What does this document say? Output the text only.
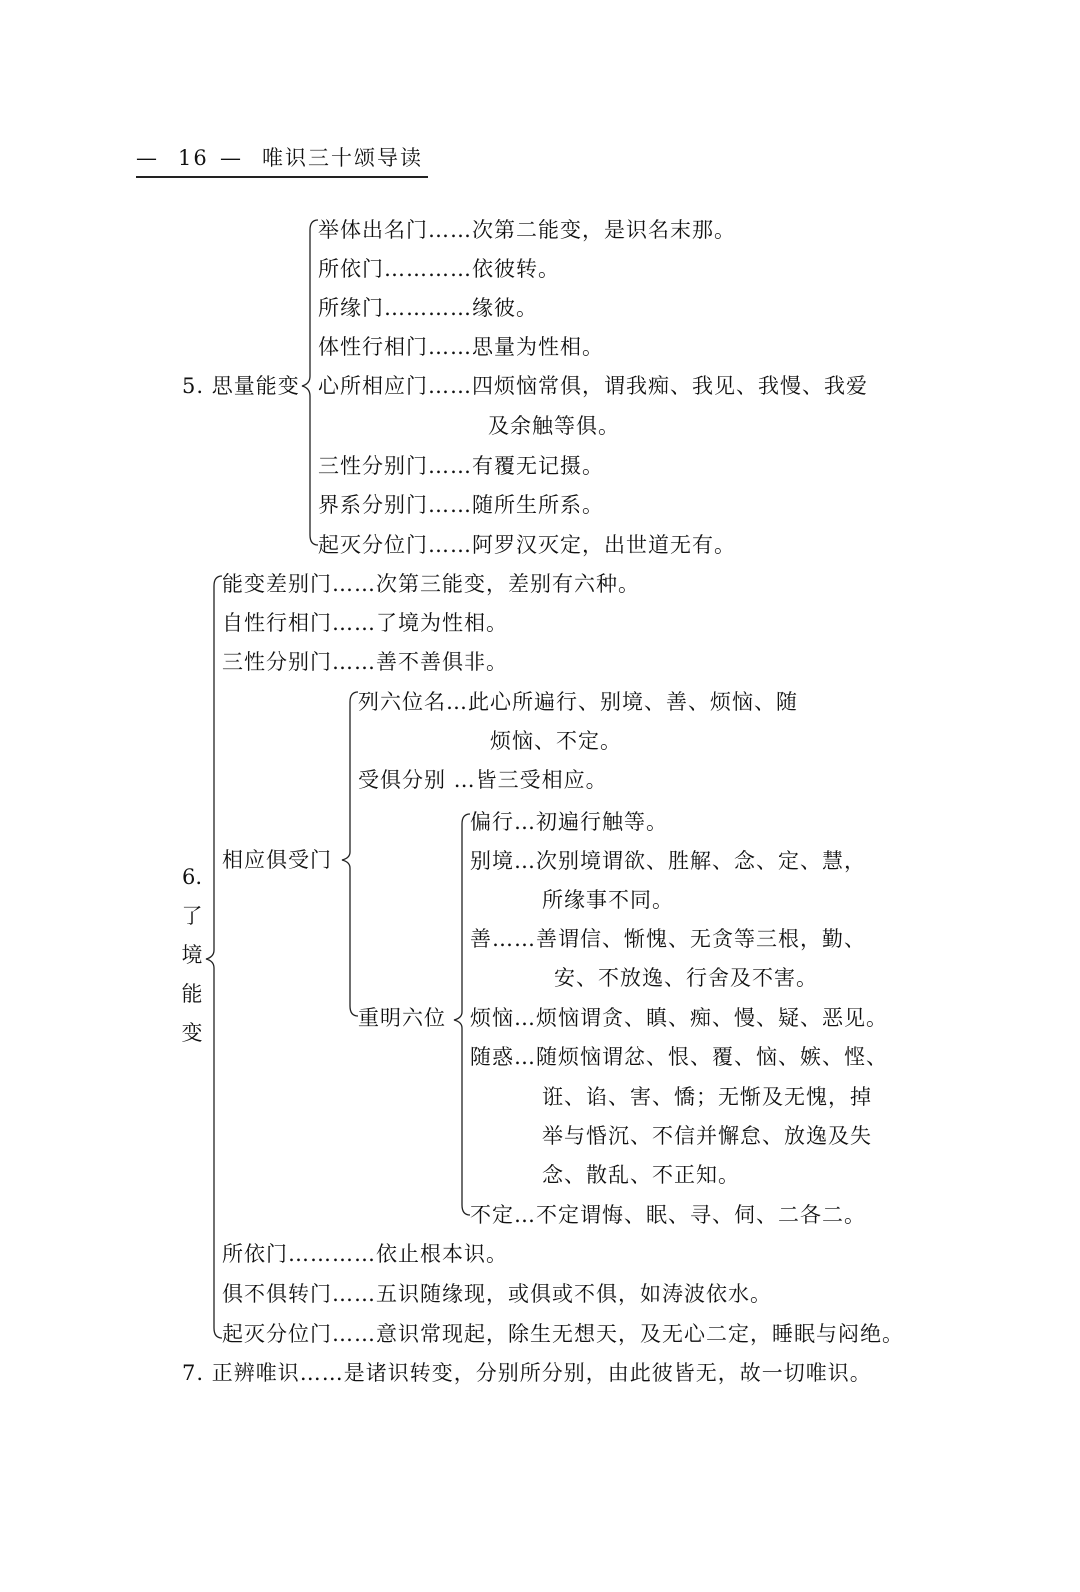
— 16 — 唯识三十颂导读
5. 思量能变
举体出名门……次第二能变，是识名末那。
所依门…………依彼转。
所缘门…………缘彼。
体性行相门……思量为性相。
心所相应门……四烦恼常俱，谓我痴、我见、我慢、我爱
及余触等俱。
三性分别门……有覆无记摄。
界系分别门……随所生所系。
起灭分位门……阿罗汉灭定，出世道无有。
6.
了
境
能
变
能变差别门……次第三能变，差别有六种。
自性行相门……了境为性相。
三性分别门……善不善俱非。
相应俱受门
列六位名…此心所遍行、别境、善、烦恼、随
烦恼、不定。
受俱分别 …皆三受相应。
重明六位
偏行…初遍行触等。
别境…次别境谓欲、胜解、念、定、慧，
所缘事不同。
善……善谓信、惭愧、无贪等三根，勤、
安、不放逸、行舍及不害。
烦恼…烦恼谓贪、瞋、痴、慢、疑、恶见。
随惑…随烦恼谓忿、恨、覆、恼、嫉、悭、
诳、谄、害、憍；无惭及无愧，掉
举与惛沉、不信并懈怠、放逸及失
念、散乱、不正知。
不定…不定谓悔、眠、寻、伺、二各二。
所依门…………依止根本识。
俱不俱转门……五识随缘现，或俱或不俱，如涛波依水。
起灭分位门……意识常现起，除生无想天，及无心二定，睡眠与闷绝。
7. 正辨唯识……是诸识转变，分别所分别，由此彼皆无，故一切唯识。
